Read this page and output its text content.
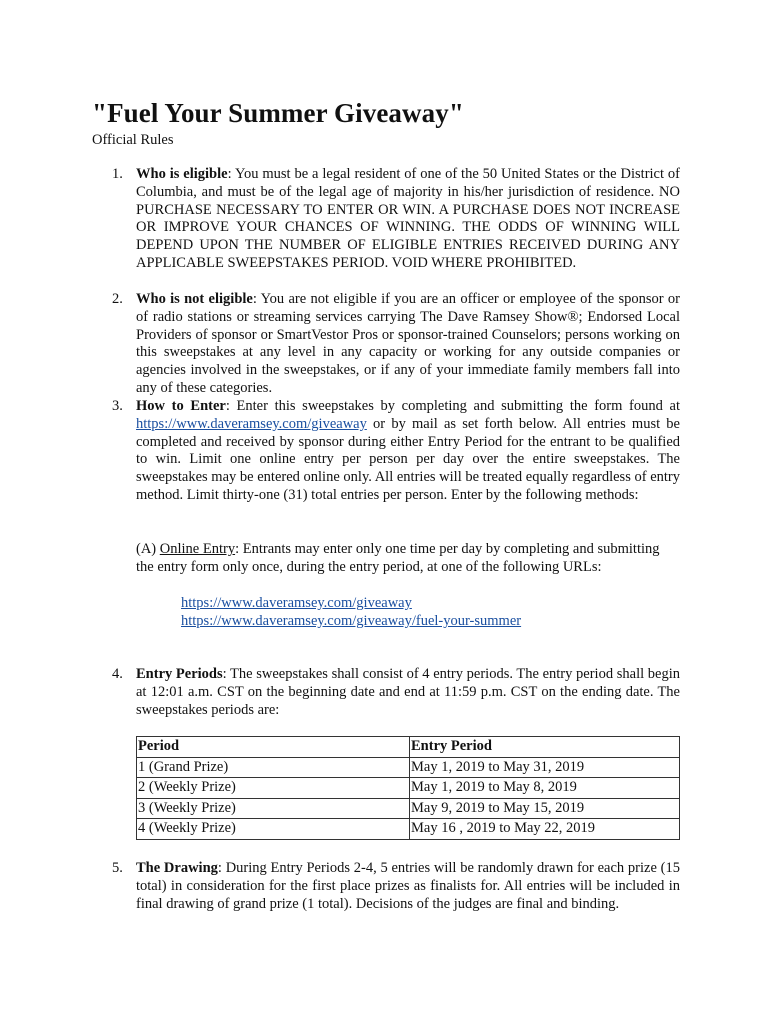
"Fuel Your Summer Giveaway"
Official Rules
1. Who is eligible: You must be a legal resident of one of the 50 United States or the District of Columbia, and must be of the legal age of majority in his/her jurisdiction of residence. NO PURCHASE NECESSARY TO ENTER OR WIN. A PURCHASE DOES NOT INCREASE OR IMPROVE YOUR CHANCES OF WINNING. THE ODDS OF WINNING WILL DEPEND UPON THE NUMBER OF ELIGIBLE ENTRIES RECEIVED DURING ANY APPLICABLE SWEEPSTAKES PERIOD. VOID WHERE PROHIBITED.

2. Who is not eligible: You are not eligible if you are an officer or employee of the sponsor or of radio stations or streaming services carrying The Dave Ramsey Show®; Endorsed Local Providers of sponsor or SmartVestor Pros or sponsor-trained Counselors; persons working on this sweepstakes at any level in any capacity or working for any outside companies or agencies involved in the sweepstakes, or if any of your immediate family members fall into any of these categories.

3. How to Enter: Enter this sweepstakes by completing and submitting the form found at https://www.daveramsey.com/giveaway or by mail as set forth below. All entries must be completed and received by sponsor during either Entry Period for the entrant to be qualified to win. Limit one online entry per person per day over the entire sweepstakes. The sweepstakes may be entered online only. All entries will be treated equally regardless of entry method. Limit thirty-one (31) total entries per person. Enter by the following methods:

(A) Online Entry: Entrants may enter only one time per day by completing and submitting the entry form only once, during the entry period, at one of the following URLs:
https://www.daveramsey.com/giveaway
https://www.daveramsey.com/giveaway/fuel-your-summer
4. Entry Periods: The sweepstakes shall consist of 4 entry periods. The entry period shall begin at 12:01 a.m. CST on the beginning date and end at 11:59 p.m. CST on the ending date. The sweepstakes periods are:

Period	Entry Period
1 (Grand Prize)	May 1, 2019 to May 31, 2019
2 (Weekly Prize)	May 1, 2019 to May 8, 2019
3 (Weekly Prize)	May 9, 2019 to May 15, 2019
4 (Weekly Prize)	May 16 , 2019 to May 22, 2019
5. The Drawing: During Entry Periods 2-4, 5 entries will be randomly drawn for each prize (15 total) in consideration for the first place prizes as finalists for. All entries will be included in final drawing of grand prize (1 total). Decisions of the judges are final and binding.
